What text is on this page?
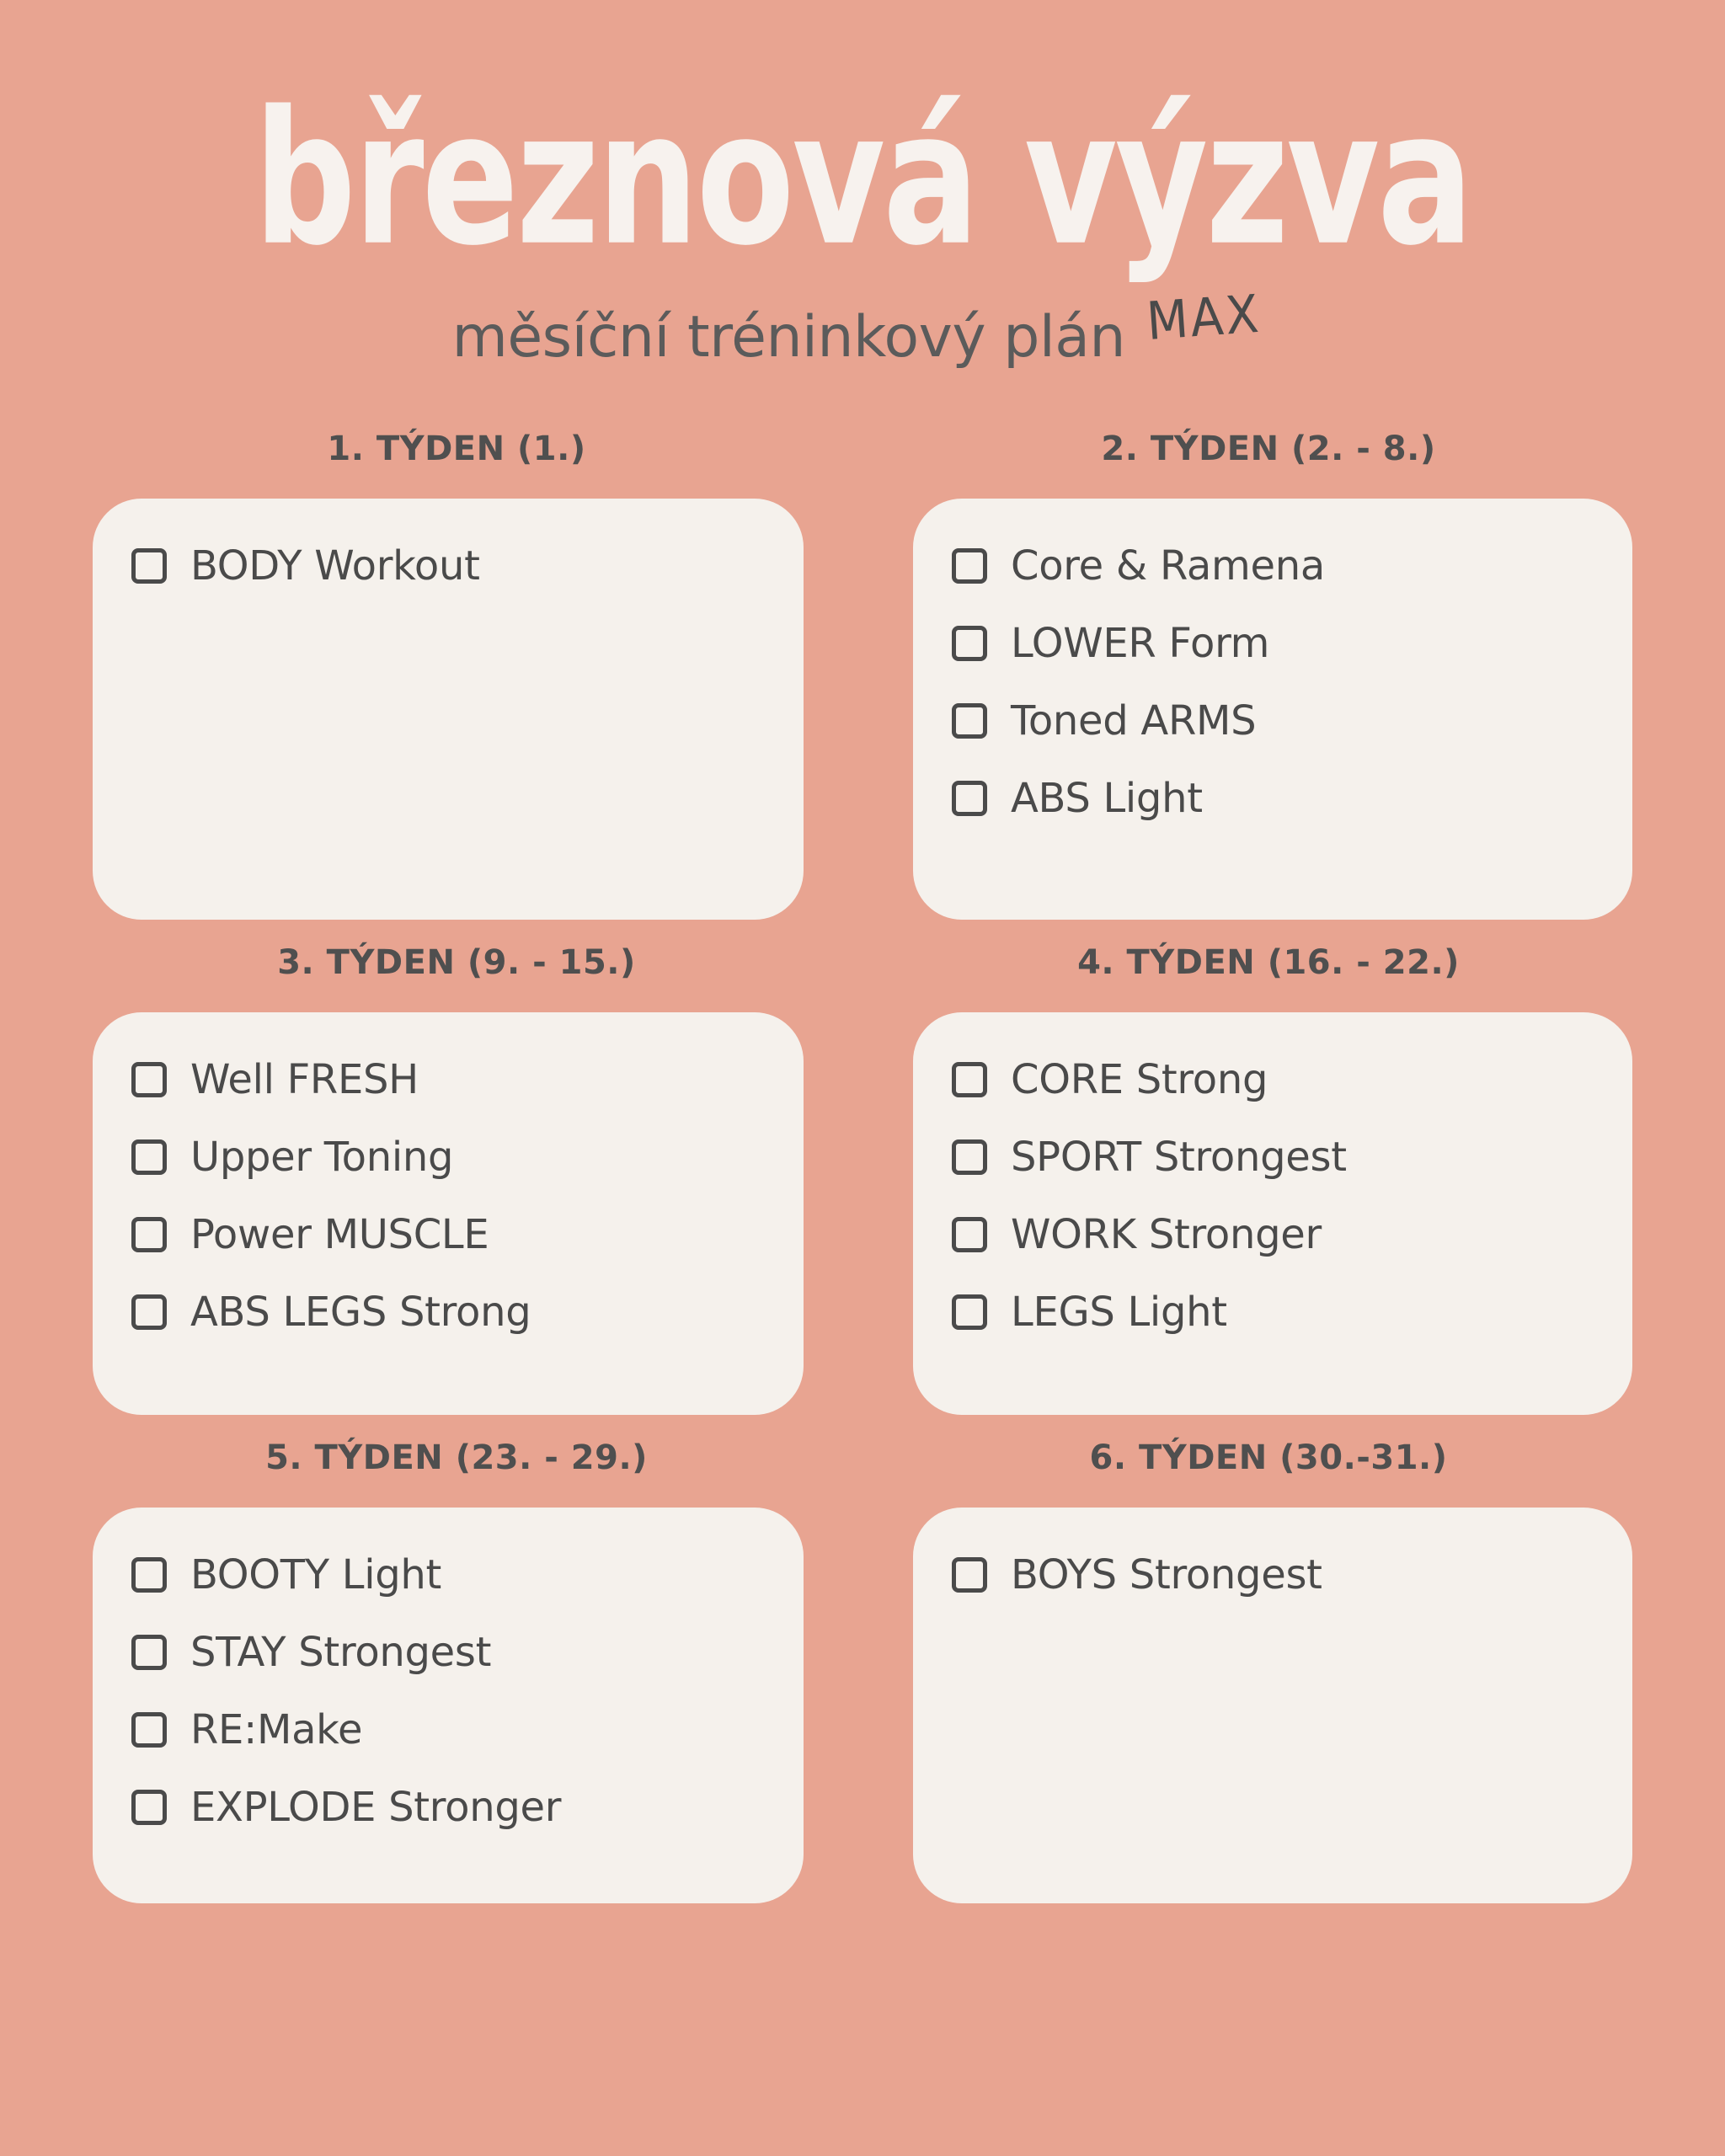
březnová výzva
měsíční tréninkový plán MAX
1. TÝDEN (1.)
BODY Workout
2. TÝDEN (2. - 8.)
Core & Ramena
LOWER Form
Toned ARMS
ABS Light
3. TÝDEN (9. - 15.)
Well FRESH
Upper Toning
Power MUSCLE
ABS LEGS Strong
4. TÝDEN (16. - 22.)
CORE Strong
SPORT Strongest
WORK Stronger
LEGS Light
5. TÝDEN (23. - 29.)
BOOTY Light
STAY Strongest
RE:Make
EXPLODE Stronger
6. TÝDEN (30.-31.)
BOYS Strongest
